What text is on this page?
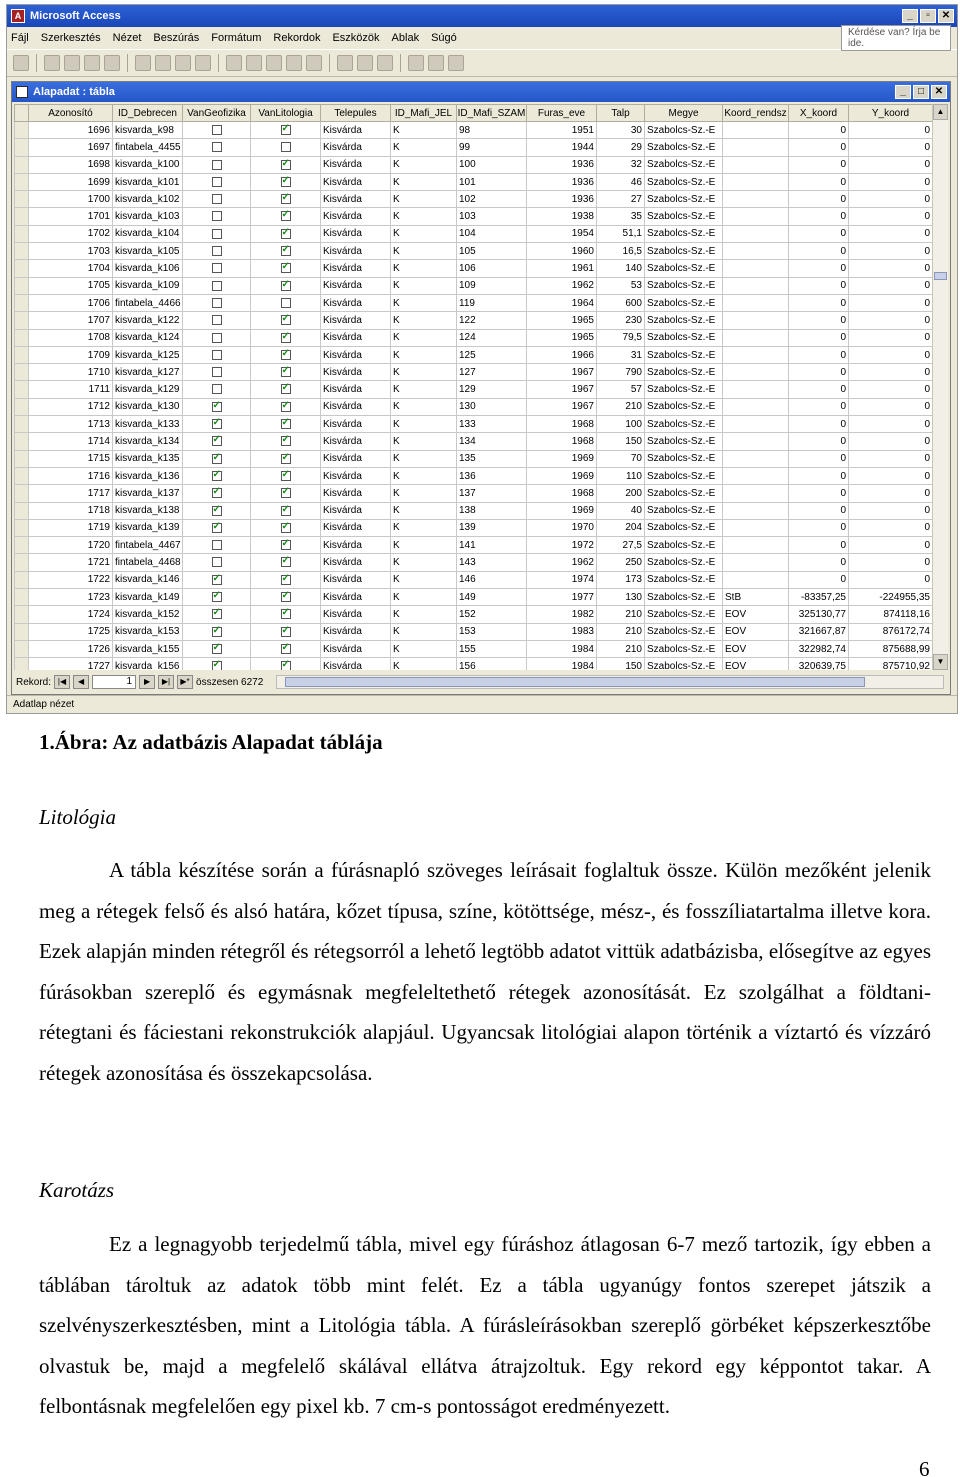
A Microsoft Access	_	▫	✕
Fájl Szerkesztés Nézet Beszúrás Formátum Rekordok Eszközök Ablak Súgó	Kérdése van? Írja be ide.
Alapadat : tábla	_	□	✕
	Azonosító	ID_Debrecen	VanGeofizika	VanLitologia	Telepules	ID_Mafi_JEL	ID_Mafi_SZAM	Furas_eve	Talp	Megye	Koord_rendsz	X_koord	Y_koord
	1696	kisvarda_k98		✓	Kisvárda	K	98	1951	30	Szabolcs-Sz.-E		0	0
	1697	fintabela_4455			Kisvárda	K	99	1944	29	Szabolcs-Sz.-E		0	0
	1698	kisvarda_k100		✓	Kisvárda	K	100	1936	32	Szabolcs-Sz.-E		0	0
	1699	kisvarda_k101		✓	Kisvárda	K	101	1936	46	Szabolcs-Sz.-E		0	0
	1700	kisvarda_k102		✓	Kisvárda	K	102	1936	27	Szabolcs-Sz.-E		0	0
	1701	kisvarda_k103		✓	Kisvárda	K	103	1938	35	Szabolcs-Sz.-E		0	0
	1702	kisvarda_k104		✓	Kisvárda	K	104	1954	51,1	Szabolcs-Sz.-E		0	0
	1703	kisvarda_k105		✓	Kisvárda	K	105	1960	16,5	Szabolcs-Sz.-E		0	0
	1704	kisvarda_k106		✓	Kisvárda	K	106	1961	140	Szabolcs-Sz.-E		0	0
	1705	kisvarda_k109		✓	Kisvárda	K	109	1962	53	Szabolcs-Sz.-E		0	0
	1706	fintabela_4466			Kisvárda	K	119	1964	600	Szabolcs-Sz.-E		0	0
	1707	kisvarda_k122		✓	Kisvárda	K	122	1965	230	Szabolcs-Sz.-E		0	0
	1708	kisvarda_k124		✓	Kisvárda	K	124	1965	79,5	Szabolcs-Sz.-E		0	0
	1709	kisvarda_k125		✓	Kisvárda	K	125	1966	31	Szabolcs-Sz.-E		0	0
	1710	kisvarda_k127		✓	Kisvárda	K	127	1967	790	Szabolcs-Sz.-E		0	0
	1711	kisvarda_k129		✓	Kisvárda	K	129	1967	57	Szabolcs-Sz.-E		0	0
	1712	kisvarda_k130	✓	✓	Kisvárda	K	130	1967	210	Szabolcs-Sz.-E		0	0
	1713	kisvarda_k133	✓	✓	Kisvárda	K	133	1968	100	Szabolcs-Sz.-E		0	0
	1714	kisvarda_k134	✓	✓	Kisvárda	K	134	1968	150	Szabolcs-Sz.-E		0	0
	1715	kisvarda_k135	✓	✓	Kisvárda	K	135	1969	70	Szabolcs-Sz.-E		0	0
	1716	kisvarda_k136	✓	✓	Kisvárda	K	136	1969	110	Szabolcs-Sz.-E		0	0
	1717	kisvarda_k137	✓	✓	Kisvárda	K	137	1968	200	Szabolcs-Sz.-E		0	0
	1718	kisvarda_k138	✓	✓	Kisvárda	K	138	1969	40	Szabolcs-Sz.-E		0	0
	1719	kisvarda_k139	✓	✓	Kisvárda	K	139	1970	204	Szabolcs-Sz.-E		0	0
	1720	fintabela_4467		✓	Kisvárda	K	141	1972	27,5	Szabolcs-Sz.-E		0	0
	1721	fintabela_4468		✓	Kisvárda	K	143	1962	250	Szabolcs-Sz.-E		0	0
	1722	kisvarda_k146	✓	✓	Kisvárda	K	146	1974	173	Szabolcs-Sz.-E		0	0
	1723	kisvarda_k149	✓	✓	Kisvárda	K	149	1977	130	Szabolcs-Sz.-E	StB	-83357,25	-224955,35
	1724	kisvarda_k152	✓	✓	Kisvárda	K	152	1982	210	Szabolcs-Sz.-E	EOV	325130,77	874118,16
	1725	kisvarda_k153	✓	✓	Kisvárda	K	153	1983	210	Szabolcs-Sz.-E	EOV	321667,87	876172,74
	1726	kisvarda_k155	✓	✓	Kisvárda	K	155	1984	210	Szabolcs-Sz.-E	EOV	322982,74	875688,99
	1727	kisvarda_k156	✓	✓	Kisvárda	K	156	1984	150	Szabolcs-Sz.-E	EOV	320639,75	875710,92
▲
▼
Rekord: |◀	◀	1	▶	▶|	▶* összesen 6272
Adatlap nézet
1.Ábra: Az adatbázis Alapadat táblája
Litológia
A tábla készítése során a fúrásnapló szöveges leírásait foglaltuk össze. Külön mezőként jelenik meg a rétegek felső és alsó határa, kőzet típusa, színe, kötöttsége, mész-, és fosszíliatartalma illetve kora. Ezek alapján minden rétegről és rétegsorról a lehető legtöbb adatot vittük adatbázisba, elősegítve az egyes fúrásokban szereplő és egymásnak megfeleltethető rétegek azonosítását. Ez szolgálhat a földtani- rétegtani és fáciestani rekonstrukciók alapjául. Ugyancsak litológiai alapon történik a víztartó és vízzáró rétegek azonosítása és összekapcsolása.
Karotázs
Ez a legnagyobb terjedelmű tábla, mivel egy fúráshoz átlagosan 6-7 mező tartozik, így ebben a táblában tároltuk az adatok több mint felét. Ez a tábla ugyanúgy fontos szerepet játszik a szelvényszerkesztésben, mint a Litológia tábla. A fúrásleírásokban szereplő görbéket képszerkesztőbe olvastuk be, majd a megfelelő skálával ellátva átrajzoltuk. Egy rekord egy képpontot takar. A felbontásnak megfelelően egy pixel kb. 7 cm-s pontosságot eredményezett.
6
